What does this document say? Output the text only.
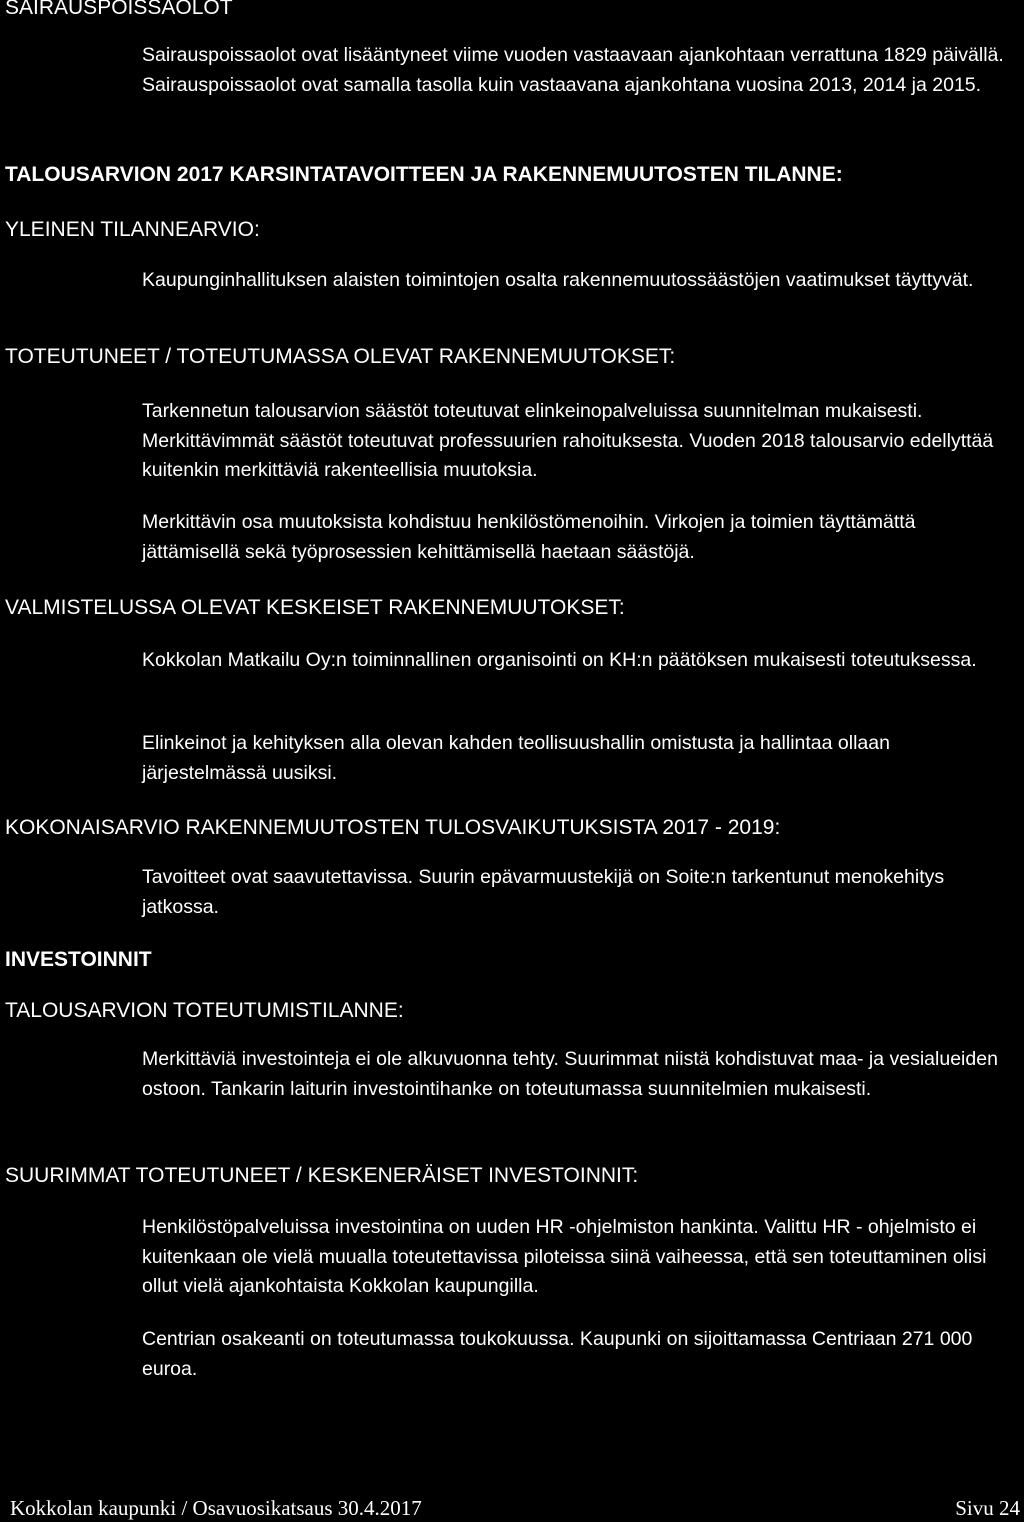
SAIRAUSPOISSAOLOT

Sairauspoissaolot ovat lisääntyneet viime vuoden vastaavaan ajankohtaan verrattuna 1829 päivällä. Sairauspoissaolot ovat samalla tasolla kuin vastaavana ajankohtana vuosina 2013, 2014 ja 2015.

TALOUSARVION 2017 KARSINTATAVOITTEEN JA RAKENNEMUUTOSTEN TILANNE:
YLEINEN TILANNEARVIO:

Kaupunginhallituksen alaisten toimintojen osalta rakennemuutossäästöjen vaatimukset täyttyvät.

TOTEUTUNEET / TOTEUTUMASSA OLEVAT RAKENNEMUUTOKSET:

Tarkennetun talousarvion säästöt toteutuvat elinkeinopalveluissa suunnitelman mukaisesti. Merkittävimmät säästöt toteutuvat professuurien rahoituksesta. Vuoden 2018 talousarvio edellyttää kuitenkin merkittäviä rakenteellisia muutoksia.

Merkittävin osa muutoksista kohdistuu henkilöstömenoihin. Virkojen ja toimien täyttämättä jättämisellä sekä työprosessien kehittämisellä haetaan säästöjä.

VALMISTELUSSA OLEVAT KESKEISET RAKENNEMUUTOKSET:

Kokkolan Matkailu Oy:n toiminnallinen organisointi on KH:n päätöksen mukaisesti toteutuksessa.

Elinkeinot ja kehityksen alla olevan kahden teollisuushallin omistusta ja hallintaa ollaan järjestelmässä uusiksi.

KOKONAISARVIO RAKENNEMUUTOSTEN TULOSVAIKUTUKSISTA 2017 - 2019:

Tavoitteet ovat saavutettavissa. Suurin epävarmuustekijä on Soite:n tarkentunut menokehitys jatkossa.

INVESTOINNIT
TALOUSARVION TOTEUTUMISTILANNE:

Merkittäviä investointeja ei ole alkuvuonna tehty. Suurimmat niistä kohdistuvat maa- ja vesialueiden ostoon. Tankarin laiturin investointihanke on toteutumassa suunnitelmien mukaisesti.

SUURIMMAT TOTEUTUNEET / KESKENERÄISET INVESTOINNIT:

Henkilöstöpalveluissa investointina on uuden HR -ohjelmiston hankinta. Valittu HR - ohjelmisto ei kuitenkaan ole vielä muualla toteutettavissa piloteissa siinä vaiheessa, että sen toteuttaminen olisi ollut vielä ajankohtaista Kokkolan kaupungilla.

Centrian osakeanti on toteutumassa toukokuussa. Kaupunki on sijoittamassa Centriaan 271 000 euroa.

Kokkolan kaupunki / Osavuosikatsaus 30.4.2017	Sivu 24
